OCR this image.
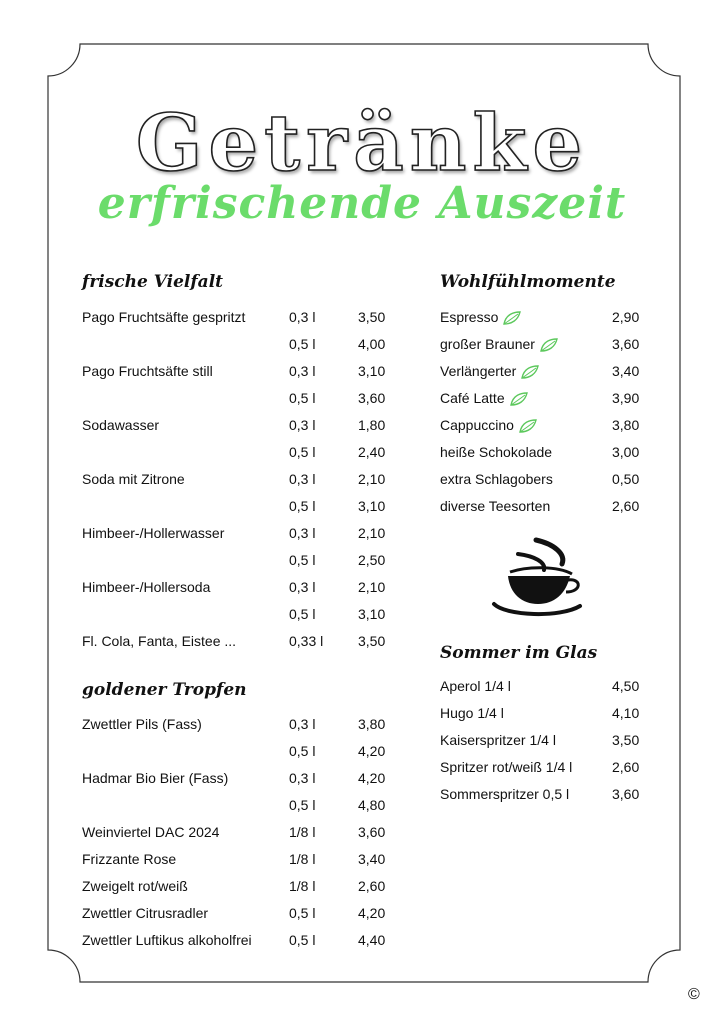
Getränke
erfrischende Auszeit
frische Vielfalt
Pago Fruchtsäfte gespritzt	0,3 l	3,50
0,5 l	4,00
Pago Fruchtsäfte still	0,3 l	3,10
0,5 l	3,60
Sodawasser	0,3 l	1,80
0,5 l	2,40
Soda mit Zitrone	0,3 l	2,10
0,5 l	3,10
Himbeer-/Hollerwasser	0,3 l	2,10
0,5 l	2,50
Himbeer-/Hollersoda	0,3 l	2,10
0,5 l	3,10
Fl. Cola, Fanta, Eistee ...	0,33 l 3,50
goldener Tropfen
Zwettler Pils (Fass)	0,3 l	3,80
0,5 l	4,20
Hadmar Bio Bier (Fass)	0,3 l	4,20
0,5 l	4,80
Weinviertel DAC 2024	1/8 l	3,60
Frizzante Rose	1/8 l	3,40
Zweigelt rot/weiß	1/8 l	2,60
Zwettler Citrusradler	0,5 l	4,20
Zwettler Luftikus alkoholfrei	0,5 l	4,40
Wohlfühlmomente
Espresso	2,90
großer Brauner	3,60
Verlängerter	3,40
Café Latte	3,90
Cappuccino	3,80
heiße Schokolade	3,00
extra Schlagobers	0,50
diverse Teesorten	2,60
Sommer im Glas
Aperol 1/4 l	4,50
Hugo 1/4 l	4,10
Kaiserspritzer 1/4 l	3,50
Spritzer rot/weiß 1/4 l	2,60
Sommerspritzer 0,5 l	3,60
©
